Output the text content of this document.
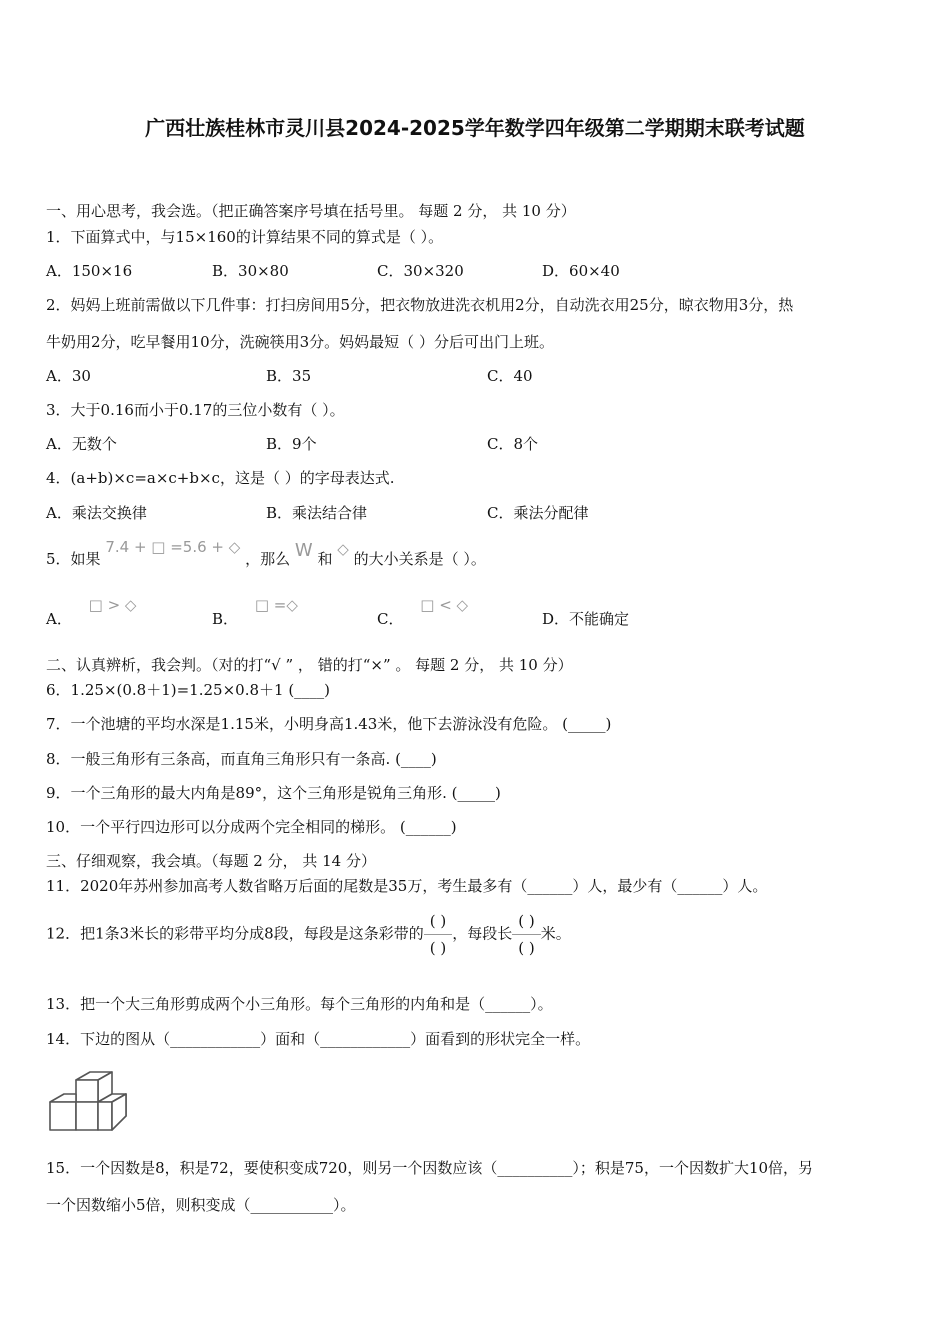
广西壮族桂林市灵川县2024-2025学年数学四年级第二学期期末联考试题
一、用心思考，我会选。（把正确答案序号填在括号里。 每题 2 分， 共 10 分）
1．下面算式中，与15×160的计算结果不同的算式是（ ）。
A．150×16	B．30×80	C．30×320	D．60×40
2．妈妈上班前需做以下几件事：打扫房间用5分，把衣物放进洗衣机用2分，自动洗衣用25分，晾衣物用3分，热
牛奶用2分，吃早餐用10分，洗碗筷用3分。妈妈最短（ ）分后可出门上班。
A．30	B．35	C．40
3．大于0.16而小于0.17的三位小数有（ ）。
A．无数个	B．9个	C．8个
4．(a+b)×c=a×c+b×c，这是（ ）的字母表达式.
A．乘法交换律	B．乘法结合律	C．乘法分配律
5．如果 7.4 + □ =5.6 + ◇ ，那么 W 和 ◇ 的大小关系是（ ）。
A． □ > ◇
B． □ =◇
C． □ < ◇
D．不能确定
二、认真辨析，我会判。（对的打“√ ” ， 错的打“×” 。 每题 2 分， 共 10 分）
6．1.25×(0.8＋1)=1.25×0.8＋1 (____)
7．一个池塘的平均水深是1.15米，小明身高1.43米，他下去游泳没有危险。 (_____)
8．一般三角形有三条高，而直角三角形只有一条高. (____)
9．一个三角形的最大内角是89°，这个三角形是锐角三角形. (_____)
10．一个平行四边形可以分成两个完全相同的梯形。 (______)
三、仔细观察，我会填。（每题 2 分， 共 14 分）
11．2020年苏州参加高考人数省略万后面的尾数是35万，考生最多有（______）人，最少有（______）人。
12．把1条3米长的彩带平均分成8段，每段是这条彩带的 $\frac{( )}{( )}$ ，每段长 $\frac{( )}{( )}$ 米。
13．把一个大三角形剪成两个小三角形。每个三角形的内角和是（______）。
14．下边的图从（____________）面和（____________）面看到的形状完全一样。
15．一个因数是8，积是72，要使积变成720，则另一个因数应该（__________）；积是75，一个因数扩大10倍，另
一个因数缩小5倍，则积变成（___________）。
